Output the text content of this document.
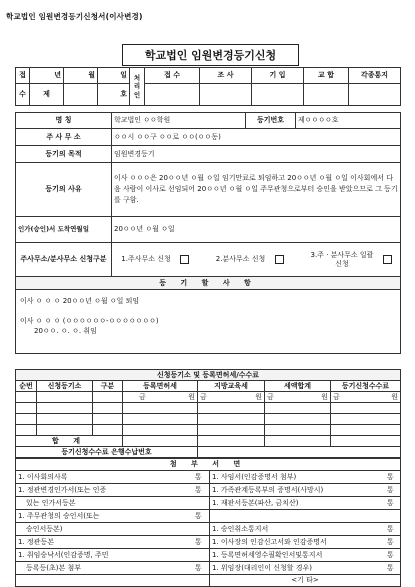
학교법인 임원변경등기신청서(이사변경)
학교법인 임원변경등기신청
접	년	월	일	처 리 인	접 수	조 사	기 입	교 합	각종통지
수	제		호						
명 칭	학교법인 ㅇㅇ학원	등기번호	제ㅇㅇㅇㅇ호
주 사 무 소	ㅇㅇ시 ㅇㅇ구 ㅇㅇ로 ㅇㅇ(ㅇㅇ동)		
등기의 목적	임원변경등기		
등기의 사유	이사 ㅇㅇㅇ은 20ㅇㅇ년 ㅇ월 ㅇ일 임기만료로 퇴임하고 20ㅇㅇ년 ㅇ월 ㅇ일 이사회에서 다음 사람이 이사로 선임되어 20ㅇㅇ년 ㅇ월 ㅇ일 주무관청으로부터 승인을 받았으므로 그 등기를 구함.		
인가(승인)서 도착연월일	20ㅇㅇ년 ㅇ월 ㅇ일		
주사무소/분사무소 신청구분	1.주사무소 신청 2.분사무소 신청
3.주 · 분사무소 일괄신청		

등 기 할 사 항			

이사 ㅇ ㅇ ㅇ 20ㅇㅇ년 ㅇ월 ㅇ일 퇴임
이사 ㅇ ㅇ ㅇ (ㅇㅇㅇㅇㅇㅇ-ㅇㅇㅇㅇㅇㅇㅇ)
20ㅇㅇ. ㅇ. ㅇ. 취임			
신청등기소 및 등록면허세/수수료						
순번	신청등기소	구분	등록면허세	지방교육세	세액합계	등기신청수수료
			금 원	금 원	금 원	금 원

합 계						
등기신청수수료 은행수납번호						
첨 부 서 면			
1. 이사회의사록	통	1. 사임서(인감증명서 첨부)	통
1. 정관변경인가서(또는 인증	통	1. 가족관계등록부의 증명서(사망시)	통
있는 인가서등본		1. 재판서등본(파산, 금치산)	통
1. 주무관청의 승인서(또는	통		
승인서등본)		1. 승인취소통지서	통
1. 정관등본	통	1. 이사장의 인감신고서와 인감증명서	통
1. 취임승낙서(인감증명, 주민		1. 등록면허세영수필확인서및통지서	통
등록등(초)본 첨부	통	1. 위임장(대리인이 신청할 경우)	통
		<기 타>	
